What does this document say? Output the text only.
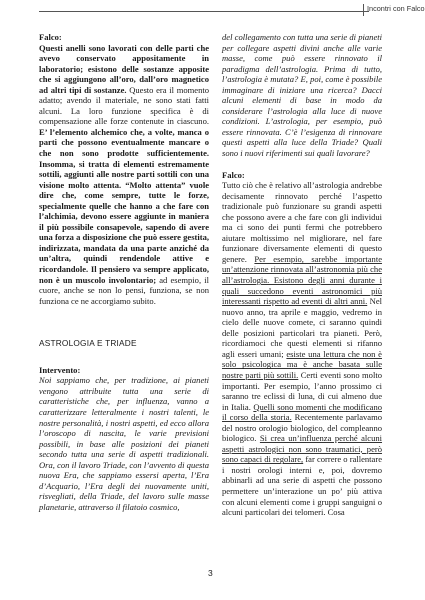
Incontri con Falco

Falco:

Questi anelli sono lavorati con delle parti che avevo conservato appositamente in laboratorio; esistono delle sostanze apposite che si aggiungono all’oro, dall’oro magnetico ad altri tipi di sostanze. Questo era il momento adatto; avendo il materiale, ne sono stati fatti alcuni. La loro funzione specifica è di compensazione alle forze contenute in ciascuno. E’ l’elemento alchemico che, a volte, manca o parti che possono eventualmente mancare o che non sono prodotte sufficientemente. Insomma, si tratta di elementi estremamente sottili, aggiunti alle nostre parti sottili con una visione molto attenta. “Molto attenta” vuole dire che, come sempre, tutte le forze, specialmente quelle che hanno a che fare con l’alchimia, devono essere aggiunte in maniera il più possibile consapevole, sapendo di avere una forza a disposizione che può essere gestita, indirizzata, mandata da una parte anziché da un’altra, quindi rendendole attive e ricordandole. Il pensiero va sempre applicato, non è un muscolo involontario; ad esempio, il cuore, anche se non lo pensi, funziona, se non funziona ce ne accorgiamo subito.

ASTROLOGIA E TRIADE

Intervento:

Noi sappiamo che, per tradizione, ai pianeti vengono attribuite tutta una serie di caratteristiche che, per influenza, vanno a caratterizzare letteralmente i nostri talenti, le nostre personalità, i nostri aspetti, ed ecco allora l’oroscopo di nascita, le varie previsioni possibili, in base alle posizioni dei pianeti secondo tutta una serie di aspetti tradizionali. Ora, con il lavoro Triade, con l’avvento di questa nuova Era, che sappiamo essersi aperta, l’Era d’Acquario, l’Era degli dei nuovamente uniti, risvegliati, della Triade, del lavoro sulle masse planetarie, attraverso il filatoio cosmico,

del collegamento con tutta una serie di pianeti per collegare aspetti divini anche alle varie masse, come può essere rinnovato il paradigma dell’astrologia. Prima di tutto, l’astrologia è mutata? E, poi, come è possibile immaginare di iniziare una ricerca? Dacci alcuni elementi di base in modo da considerare l’astrologia alla luce di nuove condizioni. L’astrologia, per esempio, può essere rinnovata. C’è l’esigenza di rinnovare questi aspetti alla luce della Triade? Quali sono i nuovi riferimenti sui quali lavorare?

Falco:

Tutto ciò che è relativo all’astrologia andrebbe decisamente rinnovato perché l’aspetto tradizionale può funzionare su grandi aspetti che possono avere a che fare con gli individui ma ci sono dei punti fermi che potrebbero aiutare moltissimo nel migliorare, nel fare funzionare diversamente elementi di questo genere. Per esempio, sarebbe importante un’attenzione rinnovata all’astronomia più che all’astrologia. Esistono degli anni durante i quali succedono eventi astronomici più interessanti rispetto ad eventi di altri anni. Nel nuovo anno, tra aprile e maggio, vedremo in cielo delle nuove comete, ci saranno quindi delle posizioni particolari tra pianeti. Però, ricordiamoci che questi elementi si rifanno agli esseri umani; esiste una lettura che non è solo psicologica ma è anche basata sulle nostre parti più sottili. Certi eventi sono molto importanti. Per esempio, l’anno prossimo ci saranno tre eclissi di luna, di cui almeno due in Italia. Quelli sono momenti che modificano il corso della storia. Recentemente parlavamo del nostro orologio biologico, del compleanno biologico. Si crea un’influenza perché alcuni aspetti astrologici non sono traumatici, però sono capaci di regolare, far correre o rallentare i nostri orologi interni e, poi, dovremo abbinarli ad una serie di aspetti che possono permettere un’interazione un po’ più attiva con alcuni elementi come i gruppi sanguigni o alcuni particolari dei telomeri. Cosa

3
